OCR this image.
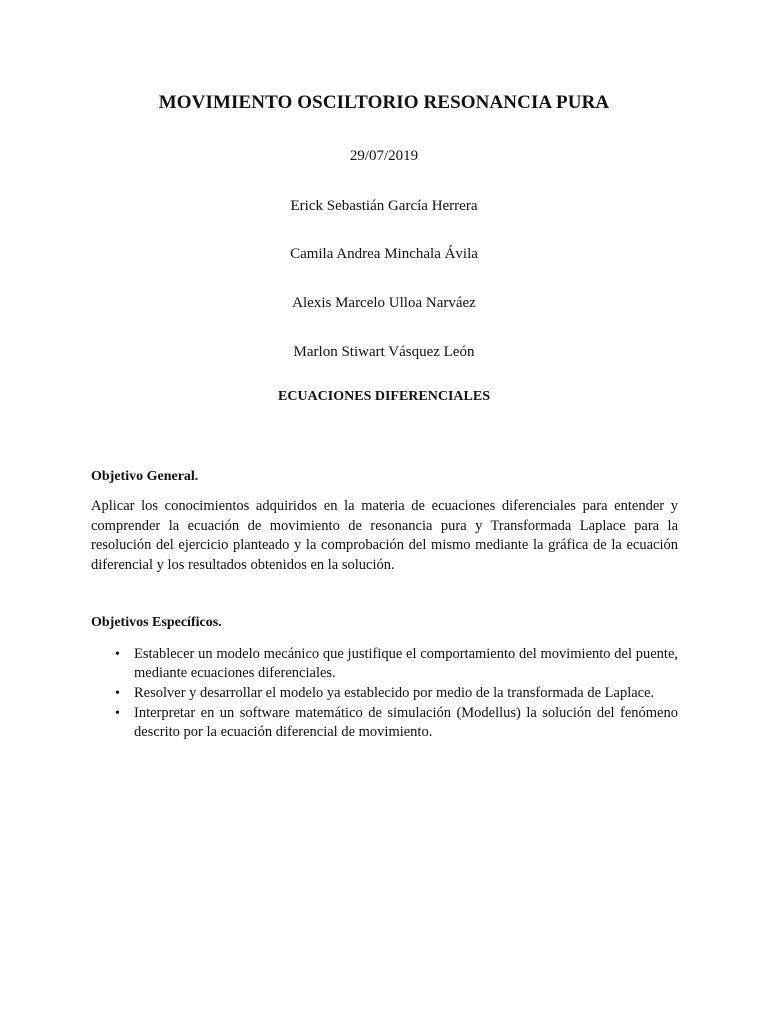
MOVIMIENTO OSCILTORIO RESONANCIA PURA
29/07/2019
Erick Sebastián García Herrera
Camila Andrea Minchala Ávila
Alexis Marcelo Ulloa Narváez
Marlon Stiwart Vásquez León
ECUACIONES DIFERENCIALES
Objetivo General.
Aplicar los conocimientos adquiridos en la materia de ecuaciones diferenciales para entender y comprender la ecuación de movimiento de resonancia pura y Transformada Laplace para la resolución del ejercicio planteado y la comprobación del mismo mediante la gráfica de la ecuación diferencial y los resultados obtenidos en la solución.
Objetivos Específicos.
• Establecer un modelo mecánico que justifique el comportamiento del movimiento del puente, mediante ecuaciones diferenciales.
• Resolver y desarrollar el modelo ya establecido por medio de la transformada de Laplace.
• Interpretar en un software matemático de simulación (Modellus) la solución del fenómeno descrito por la ecuación diferencial de movimiento.
